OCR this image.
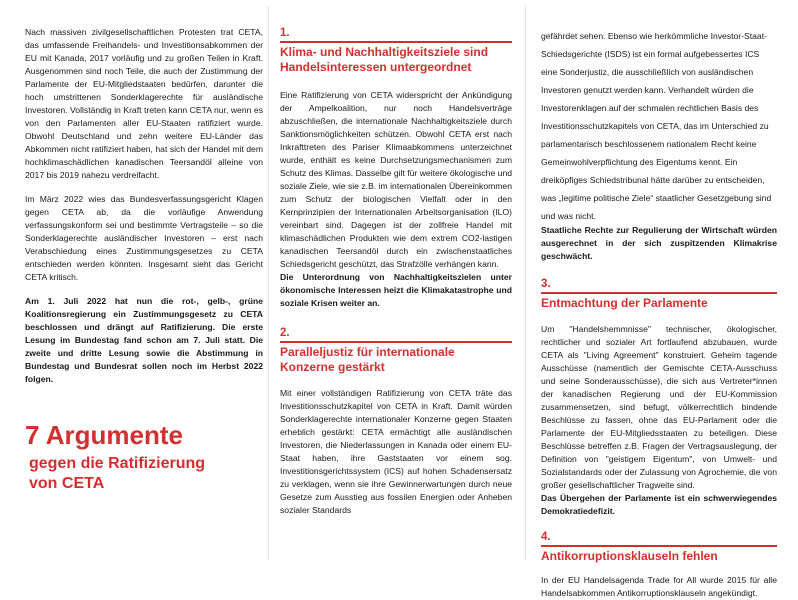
Nach massiven zivilgesellschaftlichen Protesten trat CETA, das umfassende Freihandels- und Investitionsabkommen der EU mit Kanada, 2017 vorläufig und zu großen Teilen in Kraft. Ausgenommen sind noch Teile, die auch der Zustimmung der Parlamente der EU-Mitgliedstaaten bedürfen, darunter die hoch umstrittenen Sonderklagerechte für ausländische Investoren. Vollständig in Kraft treten kann CETA nur, wenn es von den Parlamenten aller EU-Staaten ratifiziert wurde. Obwohl Deutschland und zehn weitere EU-Länder das Abkommen nicht ratifiziert haben, hat sich der Handel mit dem hochklimaschädlichen kanadischen Teersandöl alleine von 2017 bis 2019 nahezu verdreifacht.

Im März 2022 wies das Bundesverfassungsgericht Klagen gegen CETA ab, da die vorläufige Anwendung verfassungskonform sei und bestimmte Vertragsteile – so die Sonderklagerechte ausländischer Investoren – erst nach Verabschiedung eines Zustimmungsgesetzes zu CETA entschieden werden könnten. Insgesamt sieht das Gericht CETA kritisch.

Am 1. Juli 2022 hat nun die rot-, gelb-, grüne Koalitionsregierung ein Zustimmungsgesetz zu CETA beschlossen und drängt auf Ratifizierung. Die erste Lesung im Bundestag fand schon am 7. Juli statt. Die zweite und dritte Lesung sowie die Abstimmung in Bundestag und Bundesrat sollen noch im Herbst 2022 folgen.

7 Argumente

gegen die Ratifizierung

von CETA

1.
Klima- und Nachhaltigkeitsziele sind Handelsinteressen untergeordnet

Eine Ratifizierung von CETA widerspricht der Ankündigung der Ampelkoalition, nur noch Handelsverträge abzuschließen, die internationale Nachhaltigkeitsziele durch Sanktionsmöglichkeiten schützen. Obwohl CETA erst nach Inkrafttreten des Pariser Klimaabkommens unterzeichnet wurde, enthält es keine Durchsetzungsmechanismen zum Schutz des Klimas. Dasselbe gilt für weitere ökologische und soziale Ziele, wie sie z.B. im internationalen Übereinkommen zum Schutz der biologischen Vielfalt oder in den Kernprinzipien der Internationalen Arbeitsorganisation (ILO) vereinbart sind. Dagegen ist der zollfreie Handel mit klimaschädlichen Produkten wie dem extrem CO2-lastigen kanadischen Teersandöl durch ein zwischenstaatliches Schiedsgericht geschützt, das Strafzölle verhängen kann.

Die Unterordnung von Nachhaltigkeitszielen unter ökonomische Interessen heizt die Klimakatastrophe und soziale Krisen weiter an.

2.
Paralleljustiz für internationale Konzerne gestärkt

Mit einer vollständigen Ratifizierung von CETA träte das Investitionsschutzkapitel von CETA in Kraft. Damit würden Sonderklagerechte internationaler Konzerne gegen Staaten erheblich gestärkt: CETA ermächtigt alle ausländischen Investoren, die Niederlassungen in Kanada oder einem EU-Staat haben, ihre Gaststaaten vor einem sog. Investitionsgerichtssystem (ICS) auf hohen Schadensersatz zu verklagen, wenn sie ihre Gewinnerwartungen durch neue Gesetze zum Ausstieg aus fossilen Energien oder Anheben sozialer Standards

gefährdet sehen. Ebenso wie herkömmliche Investor-Staat-Schiedsgerichte (ISDS) ist ein formal aufgebessertes ICS eine Sonderjustiz, die ausschließlich von ausländischen Investoren genutzt werden kann. Verhandelt würden die Investorenklagen auf der schmalen rechtlichen Basis des Investitionsschutzkapitels von CETA, das im Unterschied zu parlamentarisch beschlossenem nationalem Recht keine Gemeinwohlverpflichtung des Eigentums kennt. Ein dreiköpfiges Schiedstribunal hätte darüber zu entscheiden, was „legitime politische Ziele“ staatlicher Gesetzgebung sind und was nicht.

Staatliche Rechte zur Regulierung der Wirtschaft würden ausgerechnet in der sich zuspitzenden Klimakrise geschwächt.

3.
Entmachtung der Parlamente

Um "Handelshemmnisse" technischer, ökologischer, rechtlicher und sozialer Art fortlaufend abzubauen, wurde CETA als "Living Agreement" konstruiert. Geheim tagende Ausschüsse (namentlich der Gemischte CETA-Ausschuss und seine Sonderausschüsse), die sich aus Vertreter*innen der kanadischen Regierung und der EU-Kommission zusammensetzen, sind befugt, völkerrechtlich bindende Beschlüsse zu fassen, ohne das EU-Parlament oder die Parlamente der EU-Mitgliedsstaaten zu beteiligen. Diese Beschlüsse betreffen z.B. Fragen der Vertragsauslegung, der Definition von "geistigem Eigentum", von Umwelt- und Sozialstandards oder der Zulassung von Agrochemie, die von großer gesellschaftlicher Tragweite sind.

Das Übergehen der Parlamente ist ein schwerwiegendes Demokratiedefizit.

4.
Antikorruptionsklauseln fehlen

In der EU Handelsagenda Trade for All wurde 2015 für alle Handelsabkommen Antikorruptionsklauseln angekündigt.
